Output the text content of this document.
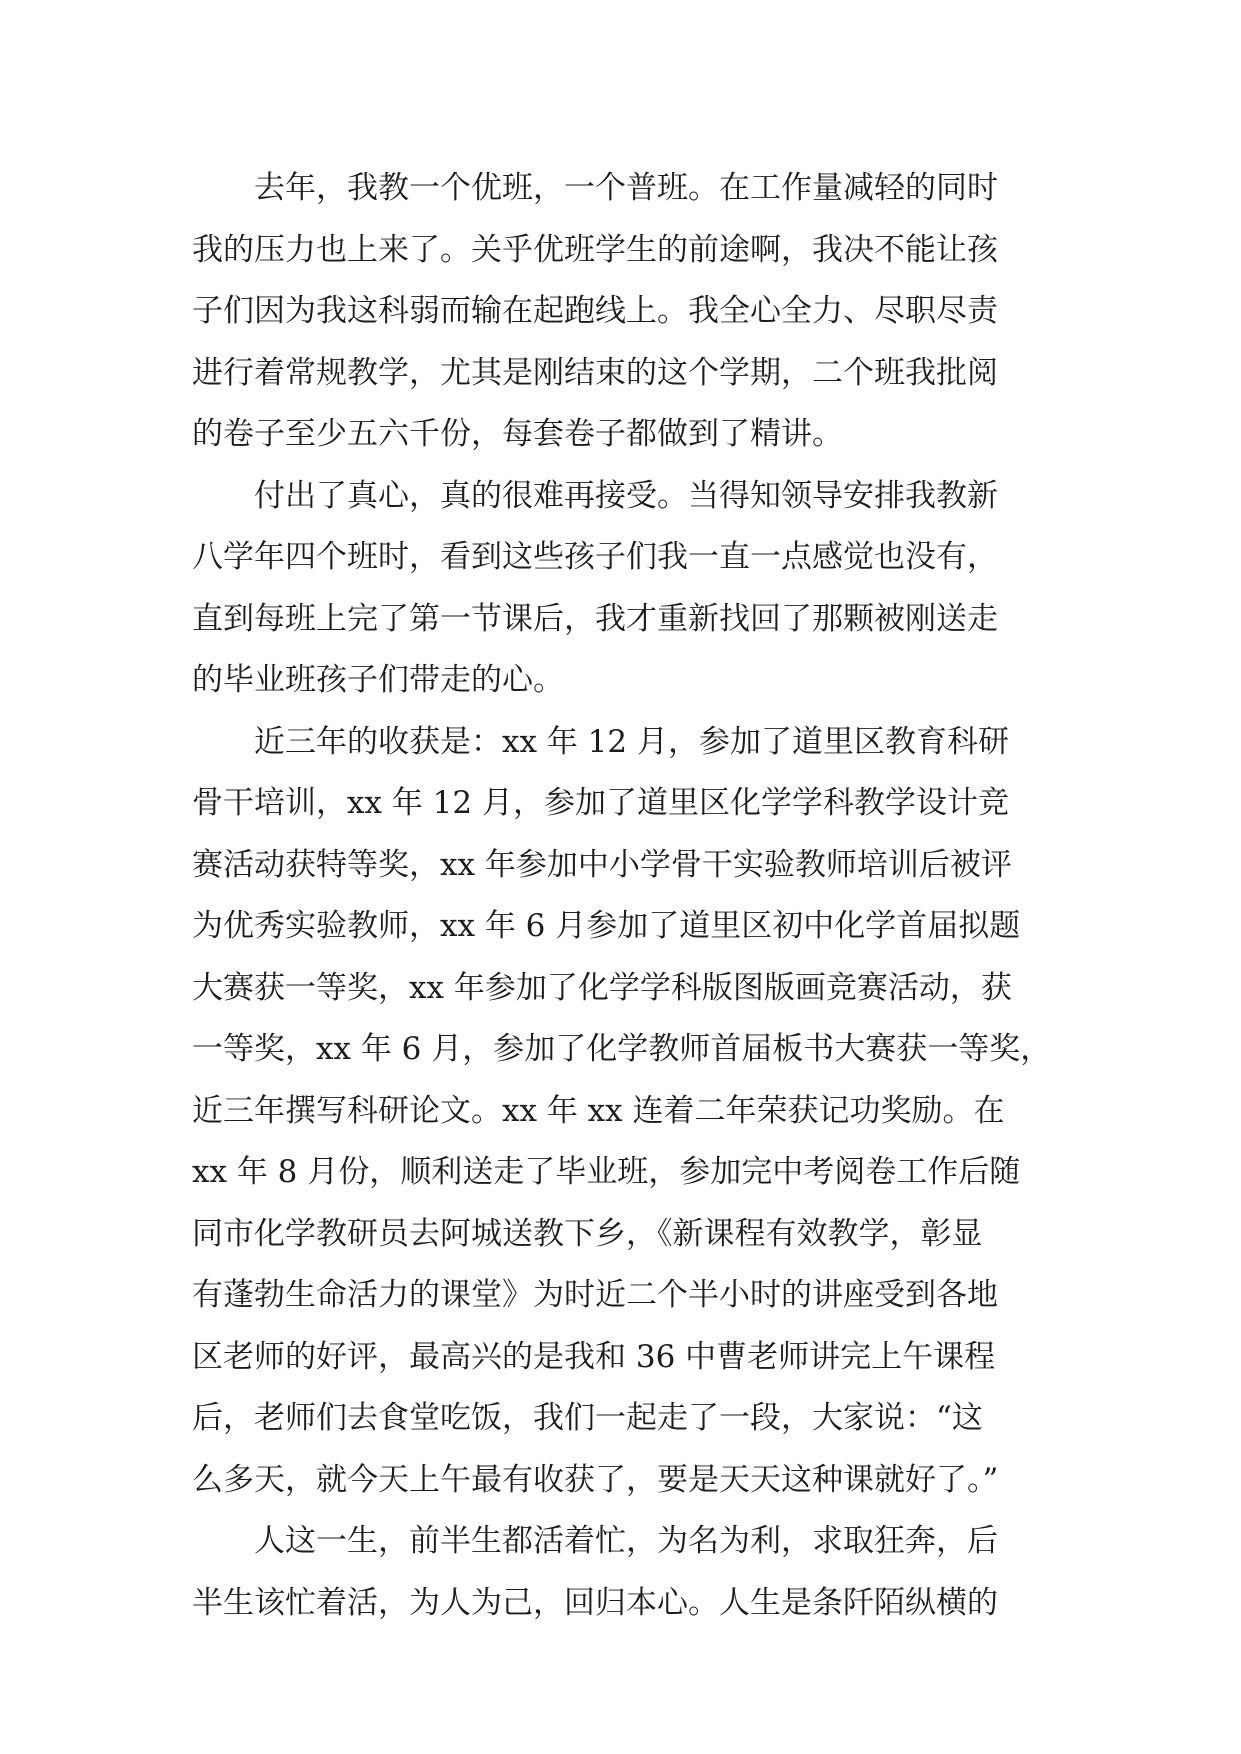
去年，我教一个优班，一个普班。在工作量减轻的同时
我的压力也上来了。关乎优班学生的前途啊，我决不能让孩
子们因为我这科弱而输在起跑线上。我全心全力、尽职尽责
进行着常规教学，尤其是刚结束的这个学期，二个班我批阅
的卷子至少五六千份，每套卷子都做到了精讲。
付出了真心，真的很难再接受。当得知领导安排我教新
八学年四个班时，看到这些孩子们我一直一点感觉也没有，
直到每班上完了第一节课后，我才重新找回了那颗被刚送走
的毕业班孩子们带走的心。
近三年的收获是：xx 年 12 月，参加了道里区教育科研
骨干培训，xx 年 12 月，参加了道里区化学学科教学设计竞
赛活动获特等奖，xx 年参加中小学骨干实验教师培训后被评
为优秀实验教师，xx 年 6 月参加了道里区初中化学首届拟题
大赛获一等奖，xx 年参加了化学学科版图版画竞赛活动，获
一等奖，xx 年 6 月，参加了化学教师首届板书大赛获一等奖，
近三年撰写科研论文。xx 年 xx 连着二年荣获记功奖励。在
xx 年 8 月份，顺利送走了毕业班，参加完中考阅卷工作后随
同市化学教研员去阿城送教下乡，《新课程有效教学，彰显
有蓬勃生命活力的课堂》为时近二个半小时的讲座受到各地
区老师的好评，最高兴的是我和 36 中曹老师讲完上午课程
后，老师们去食堂吃饭，我们一起走了一段，大家说：“这
么多天，就今天上午最有收获了，要是天天这种课就好了。”
人这一生，前半生都活着忙，为名为利，求取狂奔，后
半生该忙着活，为人为己，回归本心。人生是条阡陌纵横的
